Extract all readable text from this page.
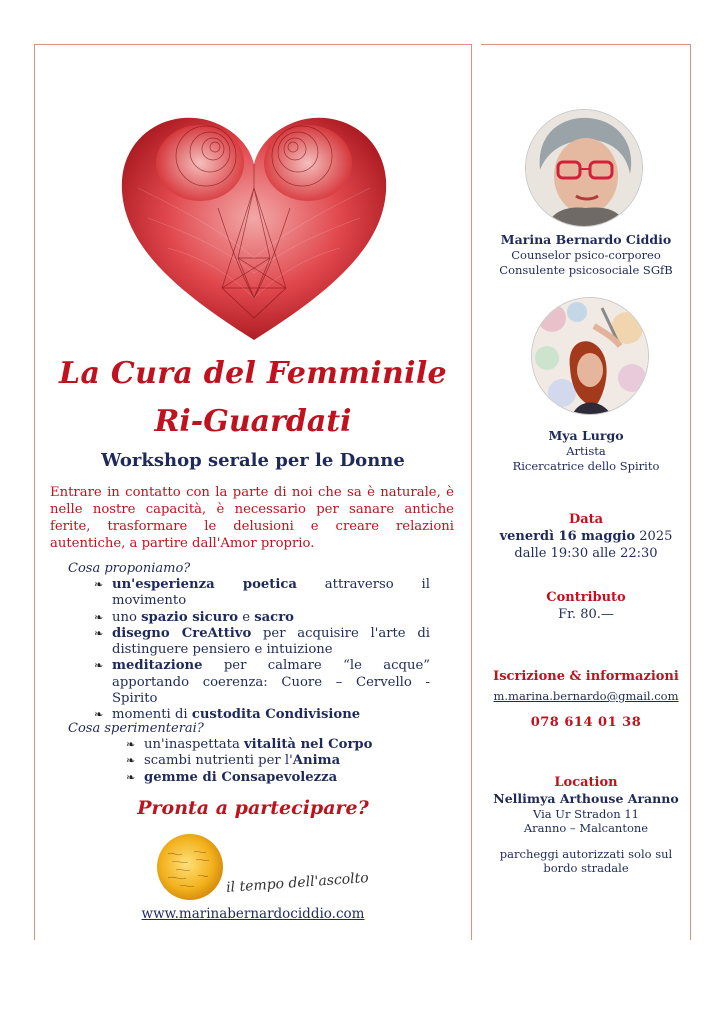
La Cura del Femminile
Ri-Guardati
Workshop serale per le Donne

Entrare in contatto con la parte di noi che sa è naturale, è nelle nostre capacità, è necessario per sanare antiche ferite, trasformare le delusioni e creare relazioni autentiche, a partire dall'Amor proprio.

Cosa proponiamo?
❧ un'esperienza poetica attraverso il movimento
❧ uno spazio sicuro e sacro
❧ disegno CreAttivo per acquisire l'arte di distinguere pensiero e intuizione
❧ meditazione per calmare “le acque” apportando coerenza: Cuore – Cervello - Spirito
❧ momenti di custodita Condivisione
Cosa sperimenterai?
❧ un'inaspettata vitalità nel Corpo
❧ scambi nutrienti per l'Anima
❧ gemme di Consapevolezza
Pronta a partecipare?
il tempo dell'ascolto
www.marinabernardociddio.com
Marina Bernardo Ciddio
Counselor psico-corporeo
Consulente psicosociale SGfB
Mya Lurgo
Artista
Ricercatrice dello Spirito
Data
venerdì 16 maggio 2025
dalle 19:30 alle 22:30
Contributo
Fr. 80.—
Iscrizione & informazioni
m.marina.bernardo@gmail.com
078 614 01 38
Location
Nellimya Arthouse Aranno
Via Ur Stradon 11
Aranno – Malcantone
parcheggi autorizzati solo sul
bordo stradale
